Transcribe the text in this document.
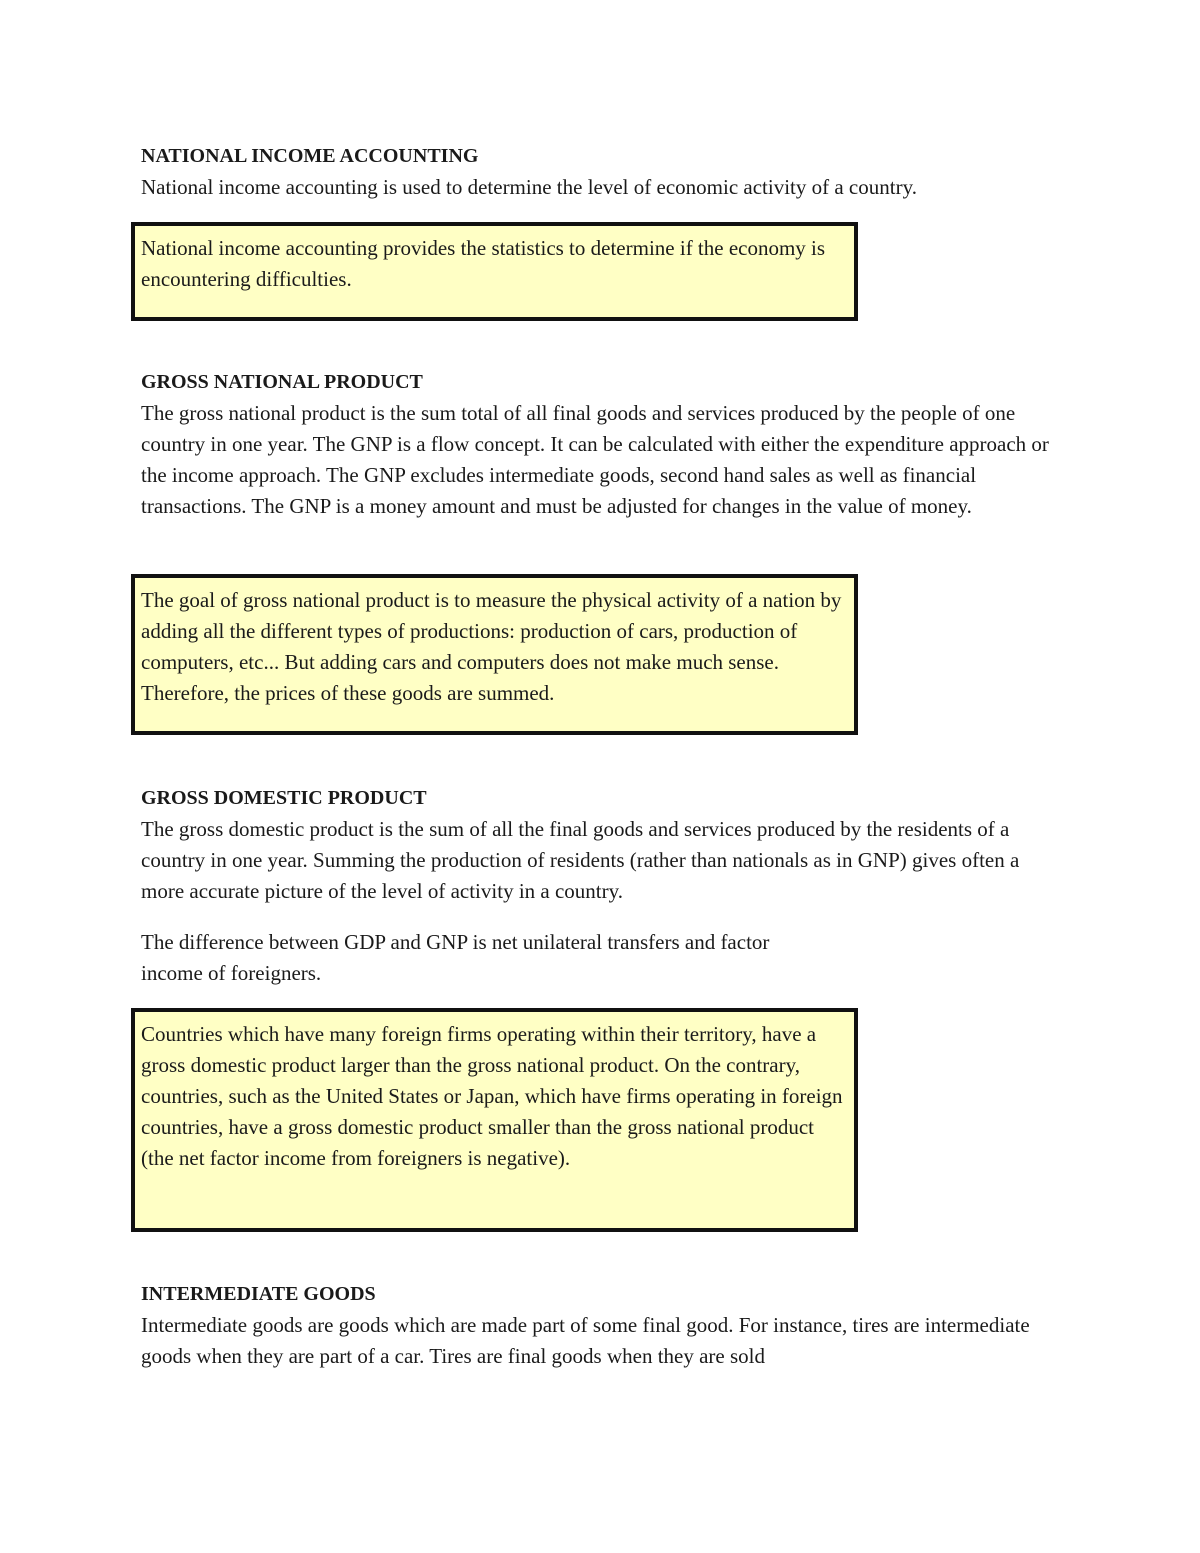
NATIONAL INCOME ACCOUNTING

National income accounting is used to determine the level of economic activity of a country.

National income accounting provides the statistics to determine if the economy is encountering difficulties.

GROSS NATIONAL PRODUCT

The gross national product is the sum total of all final goods and services produced by the people of one country in one year. The GNP is a flow concept. It can be calculated with either the expenditure approach or the income approach. The GNP excludes intermediate goods, second hand sales as well as financial transactions. The GNP is a money amount and must be adjusted for changes in the value of money.

The goal of gross national product is to measure the physical activity of a nation by adding all the different types of productions: production of cars, production of computers, etc... But adding cars and computers does not make much sense. Therefore, the prices of these goods are summed.

GROSS DOMESTIC PRODUCT

The gross domestic product is the sum of all the final goods and services produced by the residents of a country in one year. Summing the production of residents (rather than nationals as in GNP) gives often a more accurate picture of the level of activity in a country.

The difference between GDP and GNP is net unilateral transfers and factor income of foreigners.

Countries which have many foreign firms operating within their territory, have a gross domestic product larger than the gross national product. On the contrary, countries, such as the United States or Japan, which have firms operating in foreign countries, have a gross domestic product smaller than the gross national product (the net factor income from foreigners is negative).

INTERMEDIATE GOODS

Intermediate goods are goods which are made part of some final good. For instance, tires are intermediate goods when they are part of a car. Tires are final goods when they are sold
